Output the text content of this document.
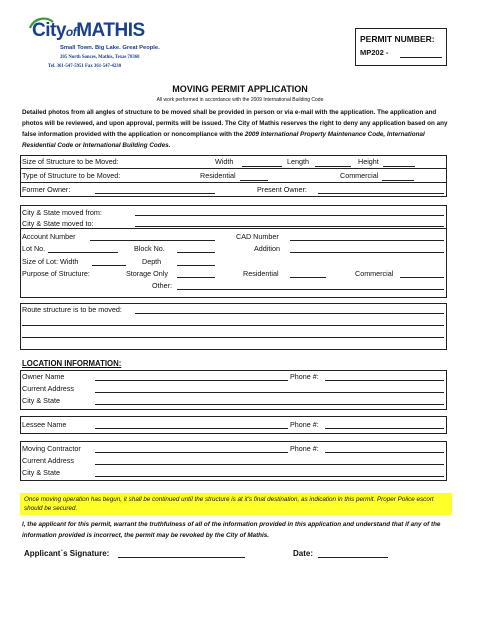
CityofMATHIS
Small Town. Big Lake. Great People.
205 North Sonces, Mathis, Texas 78368
Tel. 361-547-5951 Fax 361-547-4230
PERMIT NUMBER:
MP202 -
MOVING PERMIT APPLICATION
All work performed in accordance with the 2009 International Building Code
Detailed photos from all angles of structure to be moved shall be provided in person or via e-mail with the application. The application and photos will be reviewed, and upon approval, permits will be issued. The City of Mathis reserves the right to deny any application based on any false information provided with the application or noncompliance with the 2009 International Property Maintenance Code, International Residential Code or International Building Codes.
Size of Structure to be Moved:	Width	Length	Height
Type of Structure to be Moved:	Residential	Commercial
Former Owner:	Present Owner:
City & State moved from:
City & State moved to:
Account Number	CAD Number
Lot No.	Block No.	Addition
Size of Lot: Width	Depth
Purpose of Structure:	Storage Only	Residential	Commercial
Other:
Route structure is to be moved:
LOCATION INFORMATION:
Owner Name	Phone #:
Current Address
City & State
Lessee Name	Phone #:
Moving Contractor	Phone #:
Current Address
City & State
Once moving operation has begun, it shall be continued until the structure is at it's final destination, as indication in this permit. Proper Police escort should be secured.
I, the applicant for this permit, warrant the truthfulness of all of the information provided in this application and understand that if any of the information provided is incorrect, the permit may be revoked by the City of Mathis.
Applicant`s Signature:	Date:
